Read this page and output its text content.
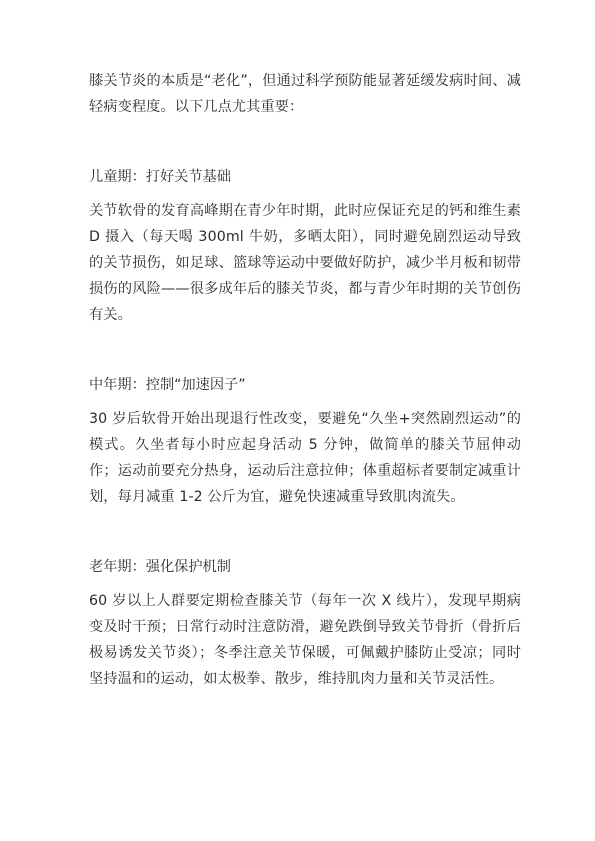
膝关节炎的本质是“老化”，但通过科学预防能显著延缓发病时间、减轻病变程度。以下几点尤其重要：

儿童期：打好关节基础

关节软骨的发育高峰期在青少年时期，此时应保证充足的钙和维生素 D 摄入（每天喝 300ml 牛奶，多晒太阳），同时避免剧烈运动导致的关节损伤，如足球、篮球等运动中要做好防护，减少半月板和韧带损伤的风险——很多成年后的膝关节炎，都与青少年时期的关节创伤有关。

中年期：控制“加速因子”

30 岁后软骨开始出现退行性改变，要避免“久坐+突然剧烈运动”的模式。久坐者每小时应起身活动 5 分钟，做简单的膝关节屈伸动作；运动前要充分热身，运动后注意拉伸；体重超标者要制定减重计划，每月减重 1-2 公斤为宜，避免快速减重导致肌肉流失。

老年期：强化保护机制

60 岁以上人群要定期检查膝关节（每年一次 X 线片），发现早期病变及时干预；日常行动时注意防滑，避免跌倒导致关节骨折（骨折后极易诱发关节炎）；冬季注意关节保暖，可佩戴护膝防止受凉；同时坚持温和的运动，如太极拳、散步，维持肌肉力量和关节灵活性。
